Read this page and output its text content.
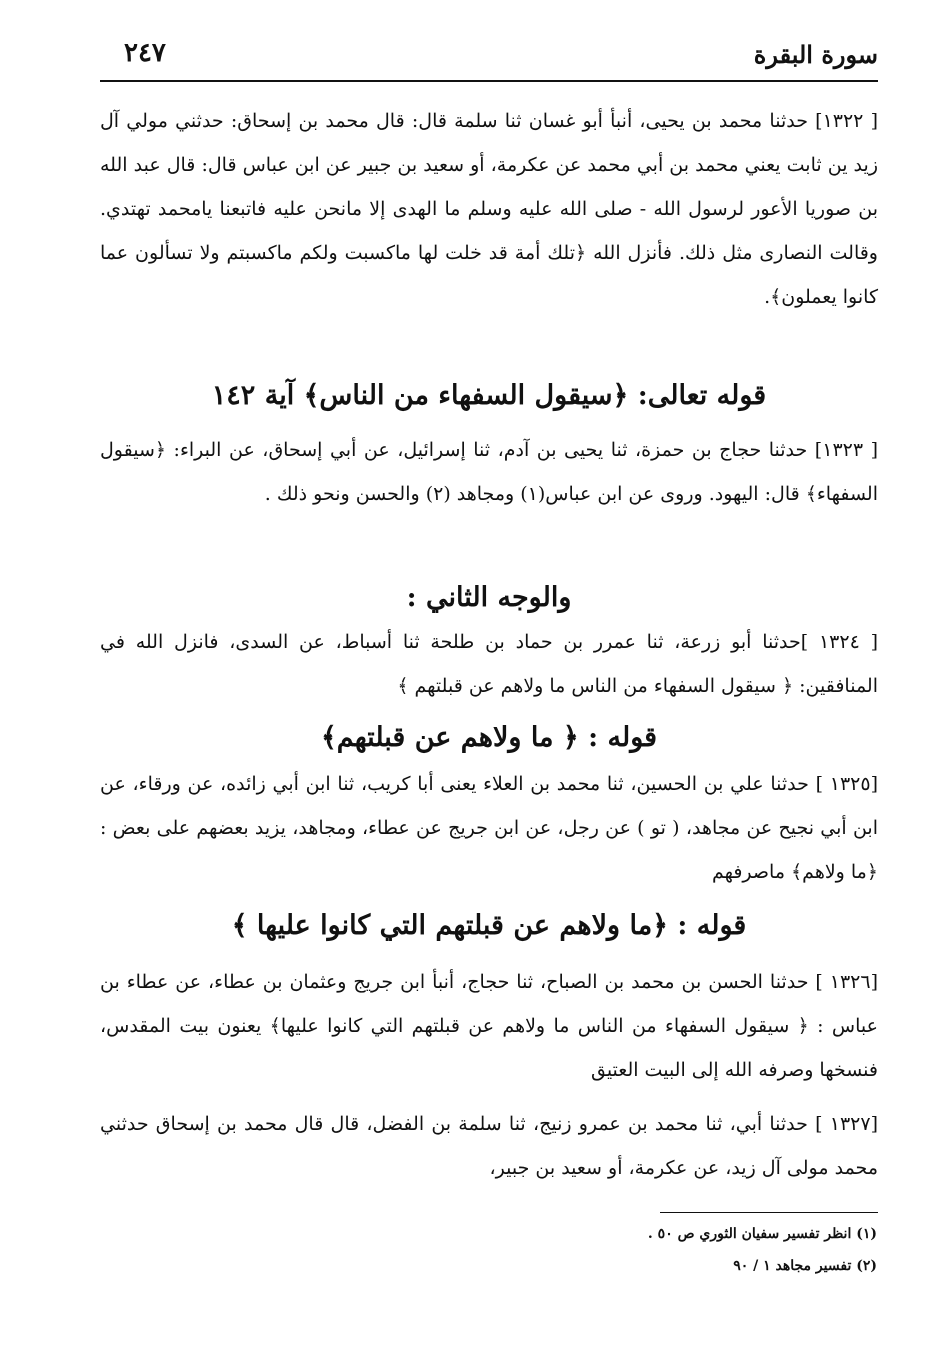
سورة البقرة
٢٤٧

[ ١٣٢٢] حدثنا محمد بن يحيى، أنبأ أبو غسان ثنا سلمة قال: قال محمد بن إسحاق: حدثني مولي آل زيد ين ثابت يعني محمد بن أبي محمد عن عكرمة، أو سعيد بن جبير عن ابن عباس قال: قال عبد الله بن صوريا الأعور لرسول الله - صلى الله عليه وسلم ما الهدى إلا مانحن عليه فاتبعنا يامحمد تهتدي. وقالت النصارى مثل ذلك. فأنزل الله ﴿تلك أمة قد خلت لها ماكسبت ولكم ماكسبتم ولا تسألون عما كانوا يعملون﴾.

قوله تعالى: ﴿سيقول السفهاء من الناس﴾ آية ١٤٢

[ ١٣٢٣] حدثنا حجاج بن حمزة، ثنا يحيى بن آدم، ثنا إسرائيل، عن أبي إسحاق، عن البراء: ﴿سيقول السفهاء﴾ قال: اليهود. وروى عن ابن عباس(١) ومجاهد (٢) والحسن ونحو ذلك .

والوجه الثاني :

[ ١٣٢٤ ]حدثنا أبو زرعة، ثنا عمرر بن حماد بن طلحة ثنا أسباط، عن السدى، فانزل الله في المنافقين: ﴿ سيقول السفهاء من الناس ما ولاهم عن قبلتهم ﴾

قوله : ﴿ ما ولاهم عن قبلتهم﴾

[١٣٢٥ ] حدثنا علي بن الحسين، ثنا محمد بن العلاء يعنى أبا كريب، ثنا ابن أبي زائده، عن ورقاء، عن ابن أبي نجيح عن مجاهد، ( تو ) عن رجل، عن ابن جريج عن عطاء، ومجاهد، يزيد بعضهم على بعض : ﴿ما ولاهم﴾ ماصرفهم

قوله : ﴿ما ولاهم عن قبلتهم التي كانوا عليها ﴾

[١٣٢٦ ] حدثنا الحسن بن محمد بن الصباح، ثنا حجاج، أنبأ ابن جريج وعثمان بن عطاء، عن عطاء بن عباس : ﴿ سيقول السفهاء من الناس ما ولاهم عن قبلتهم التي كانوا عليها﴾ يعنون بيت المقدس، فنسخها وصرفه الله إلى البيت العتيق

[١٣٢٧ ] حدثنا أبي، ثنا محمد بن عمرو زنيج، ثنا سلمة بن الفضل، قال قال محمد بن إسحاق حدثني محمد مولى آل زيد، عن عكرمة، أو سعيد بن جبير،

(١) انظر تفسير سفيان الثوري ص ٥٠ .
(٢) تفسير مجاهد ١ / ٩٠
